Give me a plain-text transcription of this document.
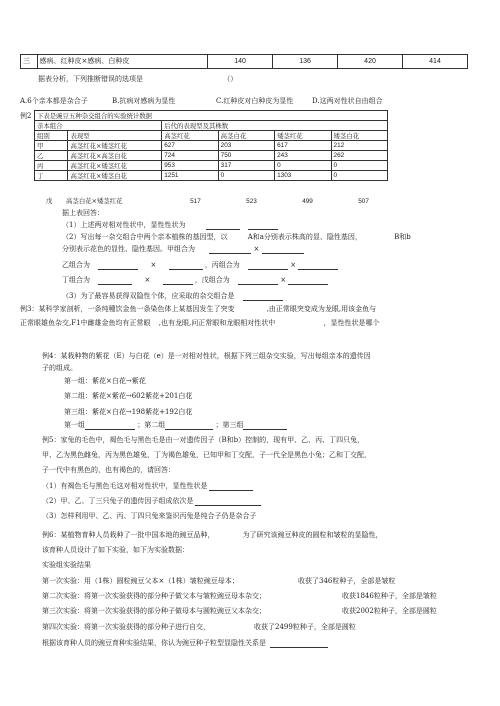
三	感病、红种皮×感病、白种皮	140	136	420	414
据表分析，下列推断错误的选项是	（）
A.6个亲本都是杂合子	B.抗病对感病为显性	C.红种皮对白种皮为显性	D.这两对性状自由组合
例2 下表是豌豆五种杂交组合的实验统计数据					
亲本组合		后代的表现型及其株数			
组别	表现型	高茎红花	高茎白花	矮茎红花	矮茎白花
甲	高茎红花×矮茎红花	627	203	617	212
乙	高茎红花×高茎白花	724	750	243	262
丙	高茎红花×矮茎红花	953	317	0	0
丁	高茎红花×矮茎白花	1251	0	1303	0
戊 高茎白花×矮茎红花	517	523	499	507
据上表回答：
（1）上述两对相对性状中，显性性状为
（2）写出每一杂交组合中两个亲本植株的基因型，以	A和a分别表示株高的显、隐性基因，	B和b
分别表示花色的显性、隐性基因。甲组合为	×
乙组合为	×	，丙组合为	×
丁组合为	×	，戊组合为	×
（3）为了最容易获得双隐性个体，应采取的杂交组合是
例3：某科学家剖析，一条纯種饮金鱼一条染色体上某基因发生了突变	,由正常眼突变成为龙眼,用该金鱼与
正常眼雄鱼杂交,F1中雌雄金鱼均有正常眼 ,也有龙眼,问正常眼和龙眼相对性状中	，显性性状是哪个
例4：某栽种物的紫花（E）与白花（e）是一对相对性状，根据下列三组杂交实验，写出每组亲本的遗传因
子的组成。
第一组：紫花×白花→紫花
第二组：紫花×紫花→602紫花+201白花
第三组：紫花×白花→198紫花+192白花
第一组	；第二组	；第三组
例5：家兔的毛色中，褐色毛与黑色毛是由一对遗传因子（B和b）控制的，现有甲、乙、丙、丁四只兔，
甲、乙为黑色雌兔，丙为黑色雄兔，丁为褐色雄兔，已知甲和丁交配，子一代全是黑色小兔；乙和丁交配，
子一代中有黑色的，也有褐色的，请回答：
（1）有褐色毛与黑色毛这对相对性状中，显性性状是
（2）甲、乙、丁三只兔子的遗传因子组成依次是
（3）怎样利用甲、乙、丙、丁四只兔来鉴识丙兔是纯合子仍是杂合子
例6：某植物育种人员栽种了一批中国本地的豌豆品种，	为了研究该豌豆种皮的圆粒和皱粒的显隐性，
该育种人员设计了如下实验，如下为实验数据：
实验组实验结果
第一次实验：用（1株）圆粒豌豆父本×（1株）皱粒豌豆母本；	收获了346粒种子，全部是皱粒
第二次实验：将第一次实验获得的部分种子做父本与皱粒豌豆母本杂交；	收获1846粒种子，全部是皱粒
第三次实验：将第一次实验获得的部分种子做母本与圆粒豌豆父本杂交；	收获2002粒种子，全部是圆粒
第四次实验：将第一次实验获得的部分种子进行自交，	收获了2499粒种子，全部是圆粒
根据该育种人员的豌豆育种实验结果，你认为豌豆种子粒型显隐性关系是
